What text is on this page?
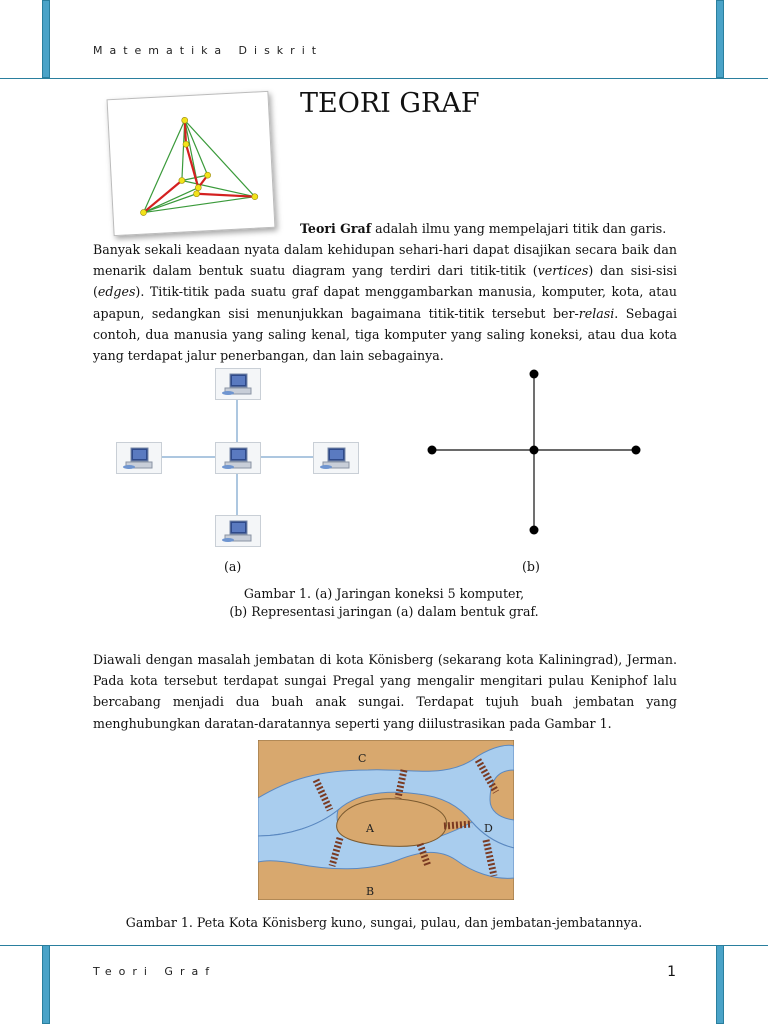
Matematika Diskrit
Teori Graf	1
TEORI GRAF
Teori Graf adalah ilmu yang mempelajari titik dan garis.
Banyak sekali keadaan nyata dalam kehidupan sehari-hari dapat disajikan secara baik dan menarik dalam bentuk suatu diagram yang terdiri dari titik-titik (vertices) dan sisi-sisi (edges). Titik-titik pada suatu graf dapat menggambarkan manusia, komputer, kota, atau apapun, sedangkan sisi menunjukkan bagaimana titik-titik tersebut ber-relasi. Sebagai contoh, dua manusia yang saling kenal, tiga komputer yang saling koneksi, atau dua kota yang terdapat jalur penerbangan, dan lain sebagainya.
(a)	(b)
Gambar 1. (a) Jaringan koneksi 5 komputer,
(b) Representasi jaringan (a) dalam bentuk graf.
Diawali dengan masalah jembatan di kota Könisberg (sekarang kota Kaliningrad), Jerman. Pada kota tersebut terdapat sungai Pregal yang mengalir mengitari pulau Keniphof lalu bercabang menjadi dua buah anak sungai. Terdapat tujuh buah jembatan yang menghubungkan daratan-daratannya seperti yang diilustrasikan pada Gambar 1.
C
A	D
B
Gambar 1. Peta Kota Könisberg kuno, sungai, pulau, dan jembatan-jembatannya.
